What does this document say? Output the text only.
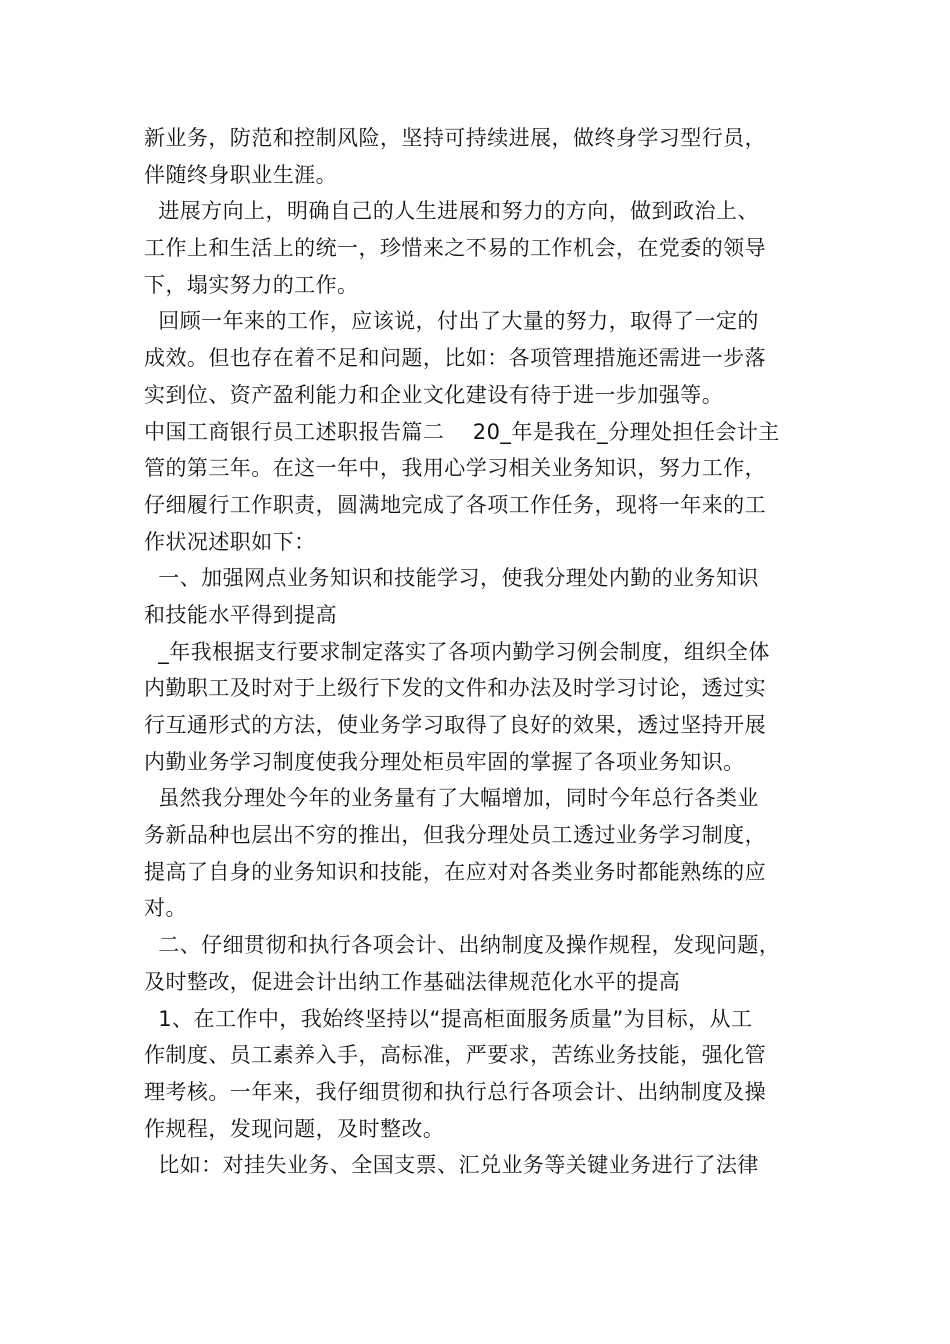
新业务，防范和控制风险，坚持可持续进展，做终身学习型行员，
伴随终身职业生涯。
进展方向上，明确自己的人生进展和努力的方向，做到政治上、
工作上和生活上的统一，珍惜来之不易的工作机会，在党委的领导
下，塌实努力的工作。
回顾一年来的工作，应该说，付出了大量的努力，取得了一定的
成效。但也存在着不足和问题，比如：各项管理措施还需进一步落
实到位、资产盈利能力和企业文化建设有待于进一步加强等。
中国工商银行员工述职报告篇二    20_年是我在_分理处担任会计主
管的第三年。在这一年中，我用心学习相关业务知识，努力工作，
仔细履行工作职责，圆满地完成了各项工作任务，现将一年来的工
作状况述职如下：
一、加强网点业务知识和技能学习，使我分理处内勤的业务知识
和技能水平得到提高
_年我根据支行要求制定落实了各项内勤学习例会制度，组织全体
内勤职工及时对于上级行下发的文件和办法及时学习讨论，透过实
行互通形式的方法，使业务学习取得了良好的效果，透过坚持开展
内勤业务学习制度使我分理处柜员牢固的掌握了各项业务知识。
虽然我分理处今年的业务量有了大幅增加，同时今年总行各类业
务新品种也层出不穷的推出，但我分理处员工透过业务学习制度，
提高了自身的业务知识和技能，在应对对各类业务时都能熟练的应
对。
二、仔细贯彻和执行各项会计、出纳制度及操作规程，发现问题，
及时整改，促进会计出纳工作基础法律规范化水平的提高
1、在工作中，我始终坚持以“提高柜面服务质量”为目标，从工
作制度、员工素养入手，高标准，严要求，苦练业务技能，强化管
理考核。一年来，我仔细贯彻和执行总行各项会计、出纳制度及操
作规程，发现问题，及时整改。
比如：对挂失业务、全国支票、汇兑业务等关键业务进行了法律
